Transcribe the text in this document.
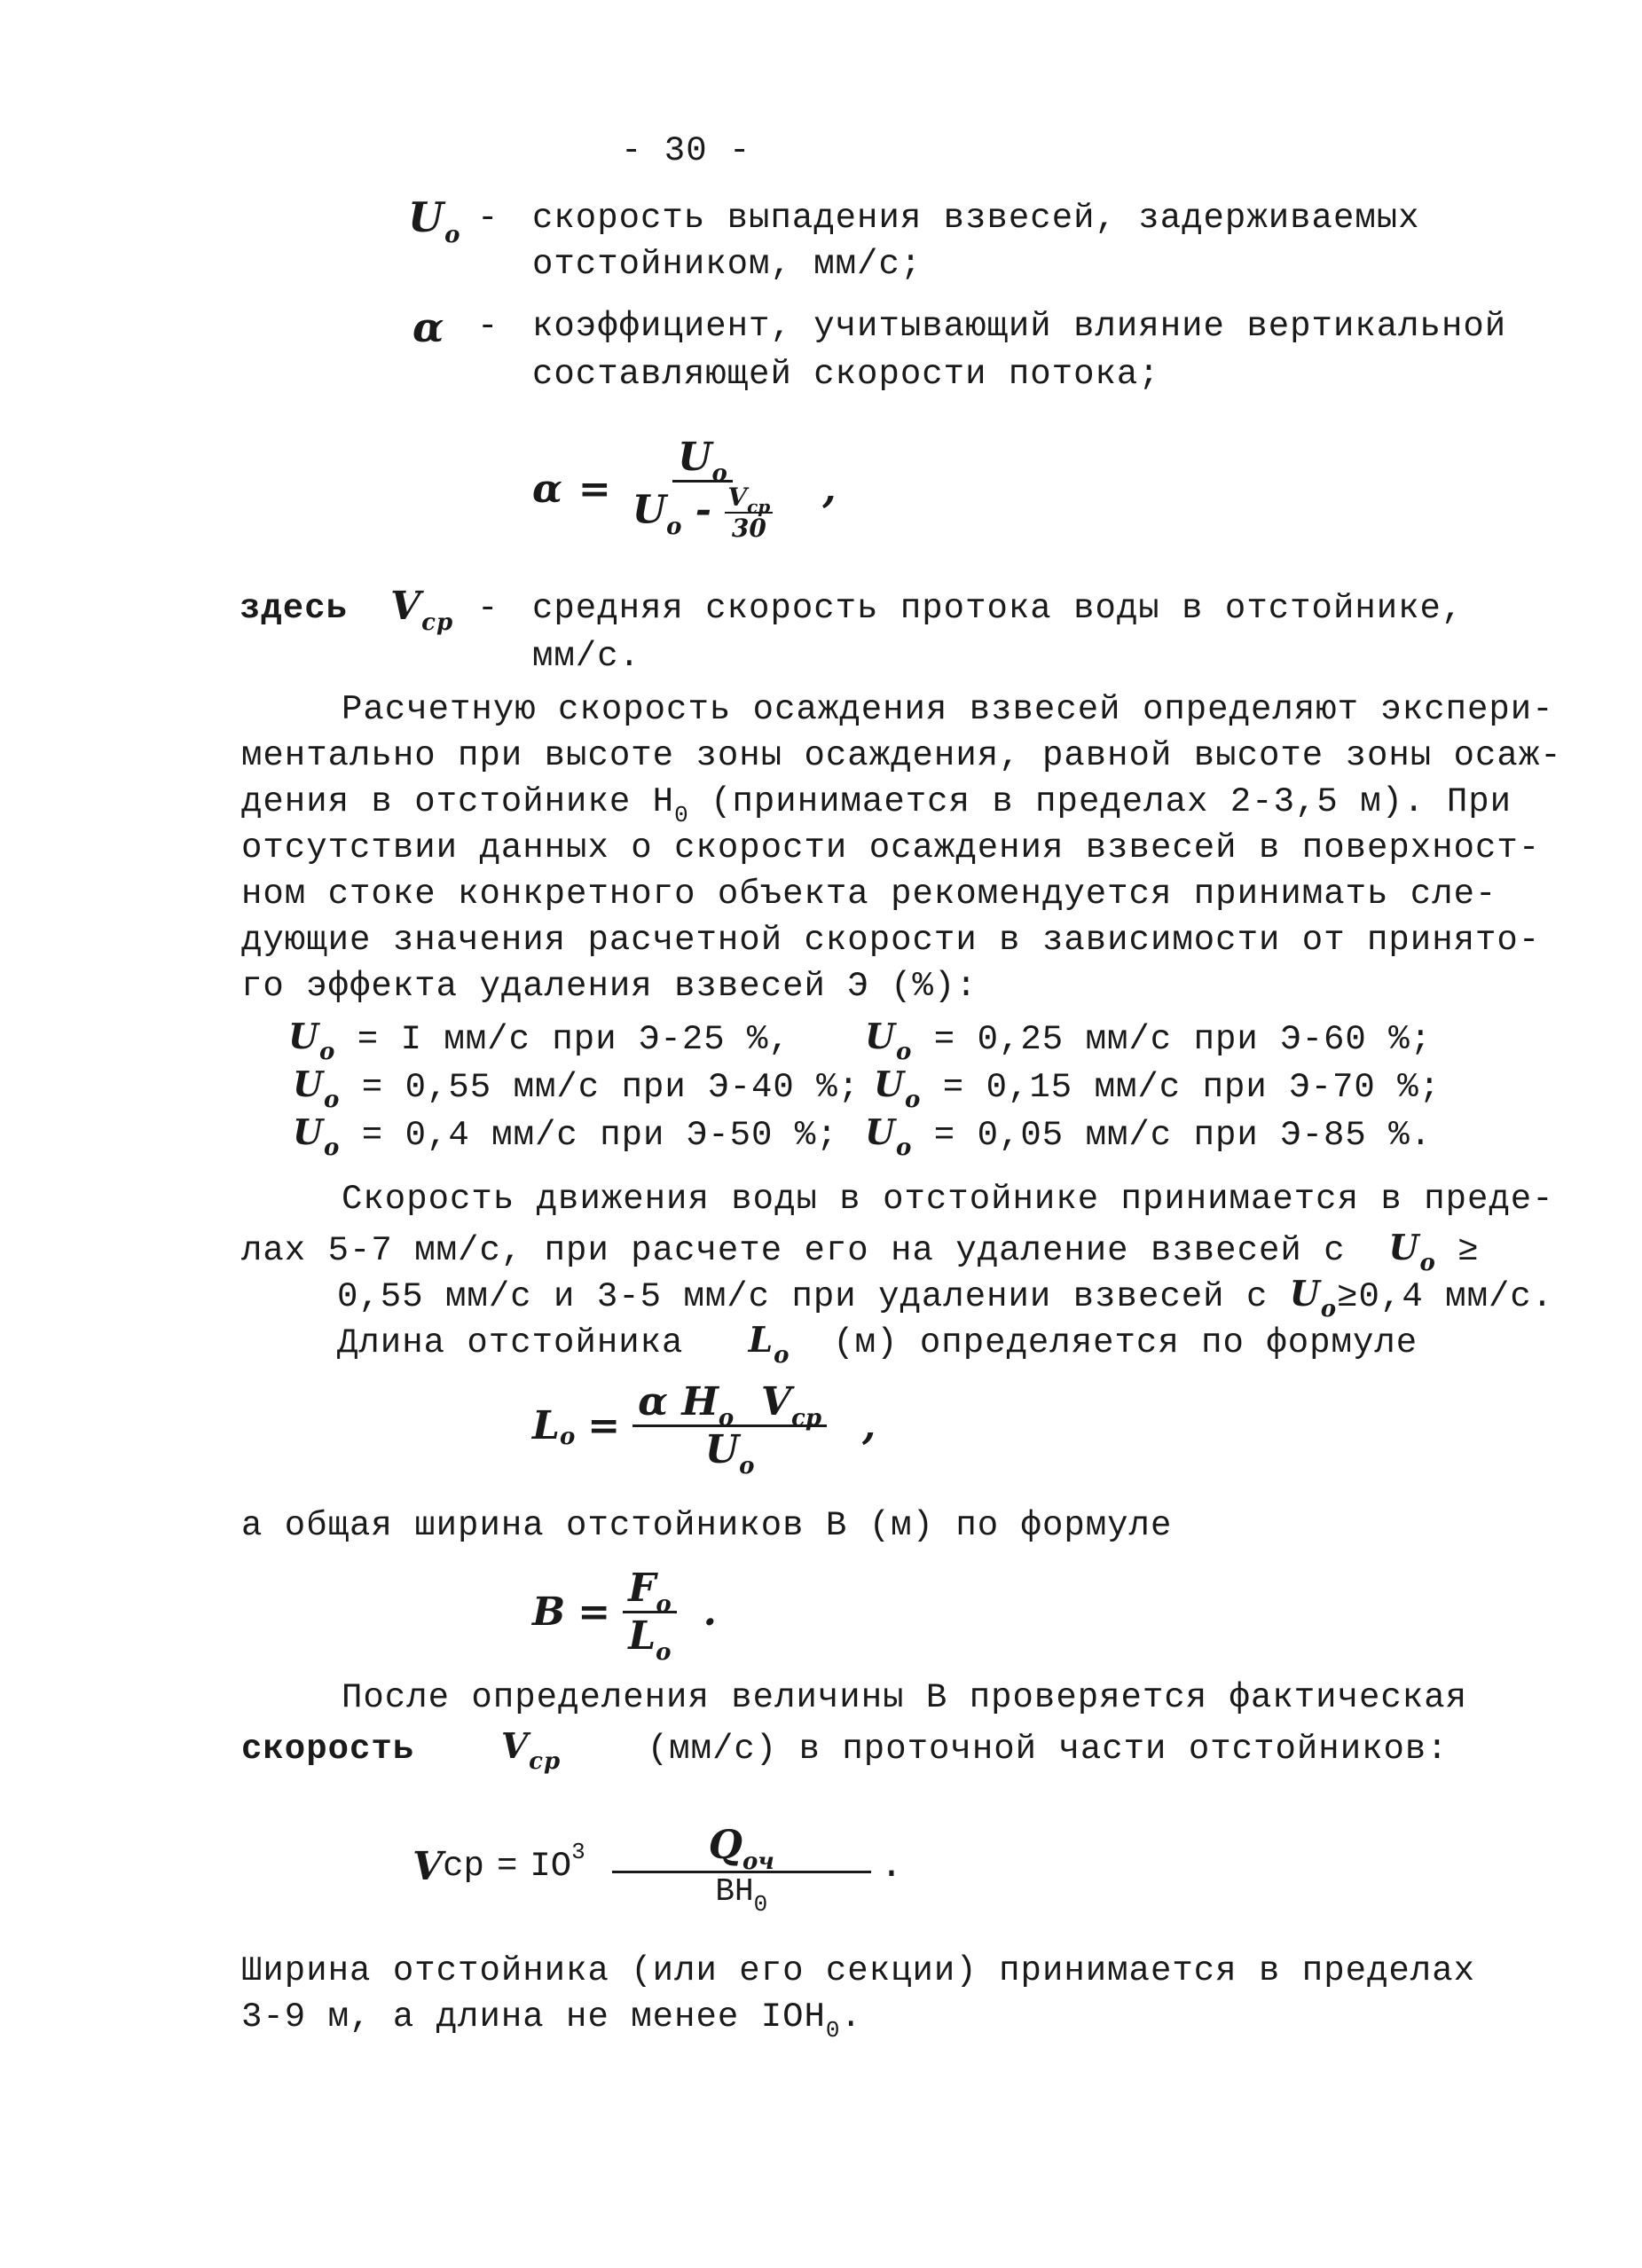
- 30 -
$U_o$ - скорость выпадения взвесей, задерживаемых
отстойником, мм/с;
α - коэффициент, учитывающий влияние вертикальной
составляющей скорости потока;
$\alpha = U_o$
$U_o - V_{cp}$
30 ,
здесь $V_{cp}$ - средняя скорость протока воды в отстойнике,
мм/с.
Расчетную скорость осаждения взвесей определяют экспери-
ментально при высоте зоны осаждения, равной высоте зоны осаж-
дения в отстойнике $Н_0$ (принимается в пределах 2-3,5 м). При
отсутствии данных о скорости осаждения взвесей в поверхност-
ном стоке конкретного объекта рекомендуется принимать сле-
дующие значения расчетной скорости в зависимости от принято-
го эффекта удаления взвесей Э (%):
$U_o = I$ мм/с при Э-25 %,
$U_o = 0,55$ мм/с при Э-40 %;
$U_o = 0,4$ мм/с при Э-50 %;
$U_o = 0,25$ мм/с при Э-60 %;
$U_o = 0,15$ мм/с при Э-70 %;
$U_o = 0,05$ мм/с при Э-85 %.
Скорость движения воды в отстойнике принимается в преде-
лах 5-7 мм/с, при расчете его на удаление взвесей с $U_o$ ≥
0,55 мм/с и 3-5 мм/с при удалении взвесей с $U_o\ge 0,4$ мм/с.
Длина отстойника $L_o$ (м) определяется по формуле
L $o = \frac{\alpha H_o V_{cp}}{U_o}$ ,
а общая ширина отстойников В (м) по формуле
$B = \frac{F_o}{L_o}$ .
После определения величины В проверяется фактическая
скорость	$V_{cp}$	(мм/с) в проточной части отстойников:
V ср = IO $3 \frac{Q_{оч}}{ВН_0}$ .
Ширина отстойника (или его секции) принимается в пределах
3-9 м, а длина не менее $IOH_0$.
